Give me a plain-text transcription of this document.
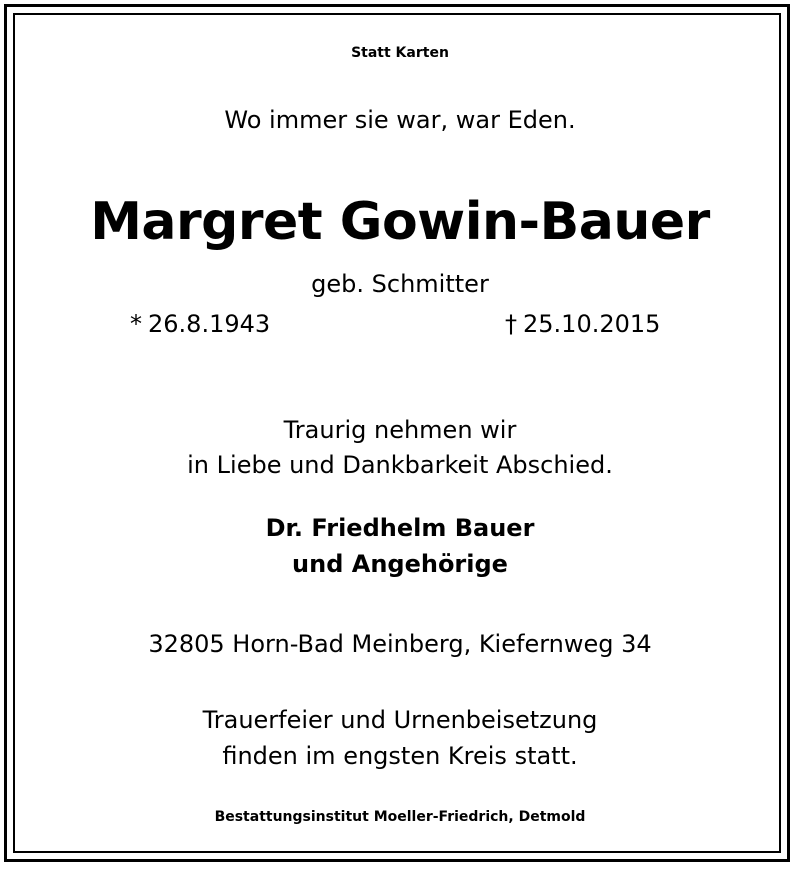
Statt Karten
Wo immer sie war, war Eden.
Margret Gowin-Bauer
geb. Schmitter
* 26.8.1943	† 25.10.2015
Traurig nehmen wir
in Liebe und Dankbarkeit Abschied.
Dr. Friedhelm Bauer
und Angehörige
32805 Horn-Bad Meinberg, Kiefernweg 34
Trauerfeier und Urnenbeisetzung
finden im engsten Kreis statt.
Bestattungsinstitut Moeller-Friedrich, Detmold
